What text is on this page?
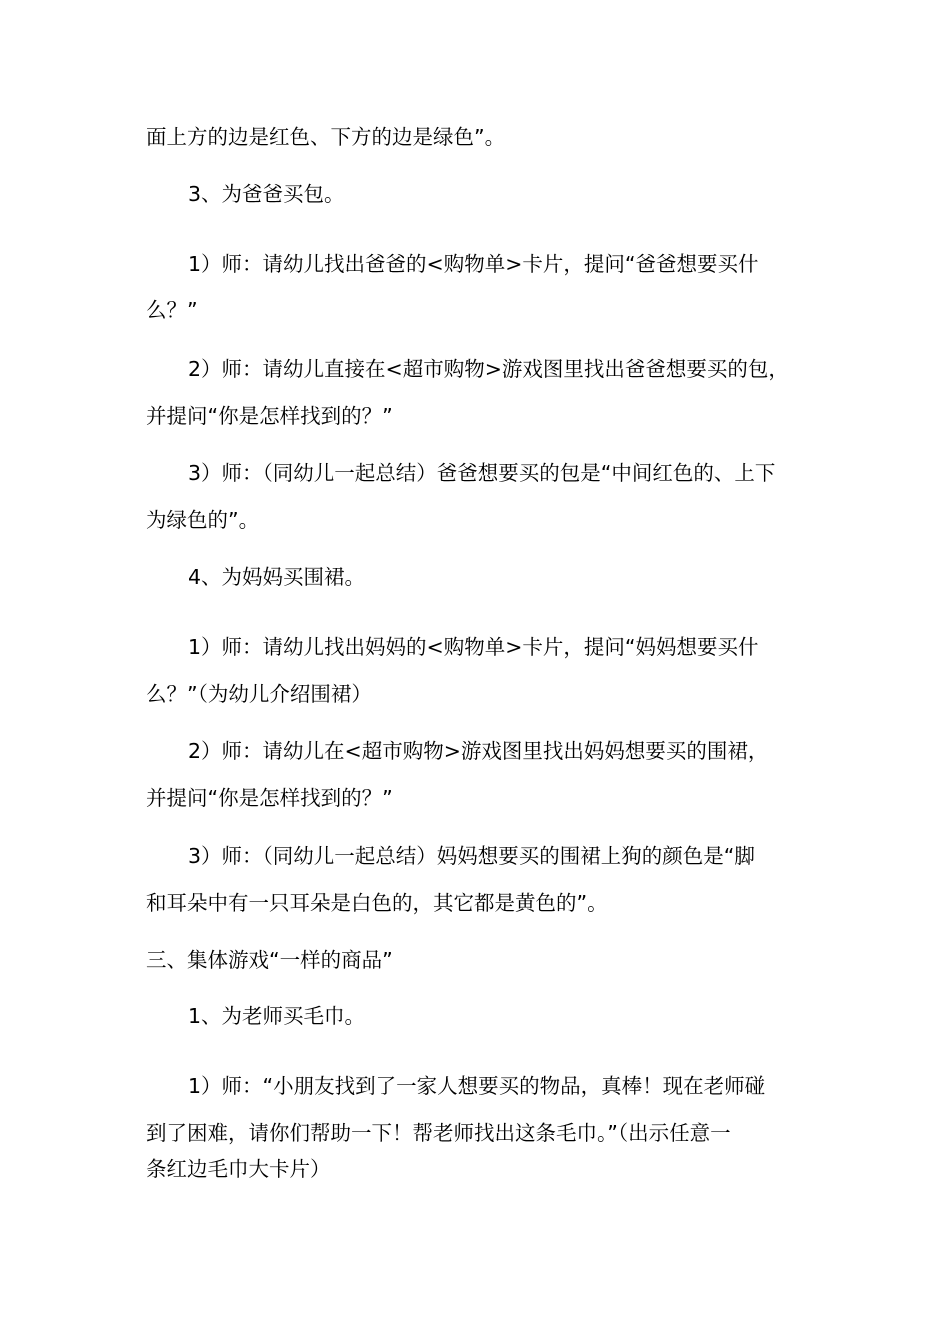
面上方的边是红色、下方的边是绿色”。

3、为爸爸买包。

1）师：请幼儿找出爸爸的<购物单>卡片，提问“爸爸想要买什

么？”

2）师：请幼儿直接在<超市购物>游戏图里找出爸爸想要买的包，

并提问“你是怎样找到的？”

3）师：（同幼儿一起总结）爸爸想要买的包是“中间红色的、上下

为绿色的”。

4、为妈妈买围裙。

1）师：请幼儿找出妈妈的<购物单>卡片，提问“妈妈想要买什

么？”（为幼儿介绍围裙）

2）师：请幼儿在<超市购物>游戏图里找出妈妈想要买的围裙，

并提问“你是怎样找到的？”

3）师：（同幼儿一起总结）妈妈想要买的围裙上狗的颜色是“脚

和耳朵中有一只耳朵是白色的，其它都是黄色的”。

三、集体游戏“一样的商品”

1、为老师买毛巾。

1）师：“小朋友找到了一家人想要买的物品，真棒！现在老师碰

到了困难，请你们帮助一下！帮老师找出这条毛巾。”（出示任意一

条红边毛巾大卡片）
